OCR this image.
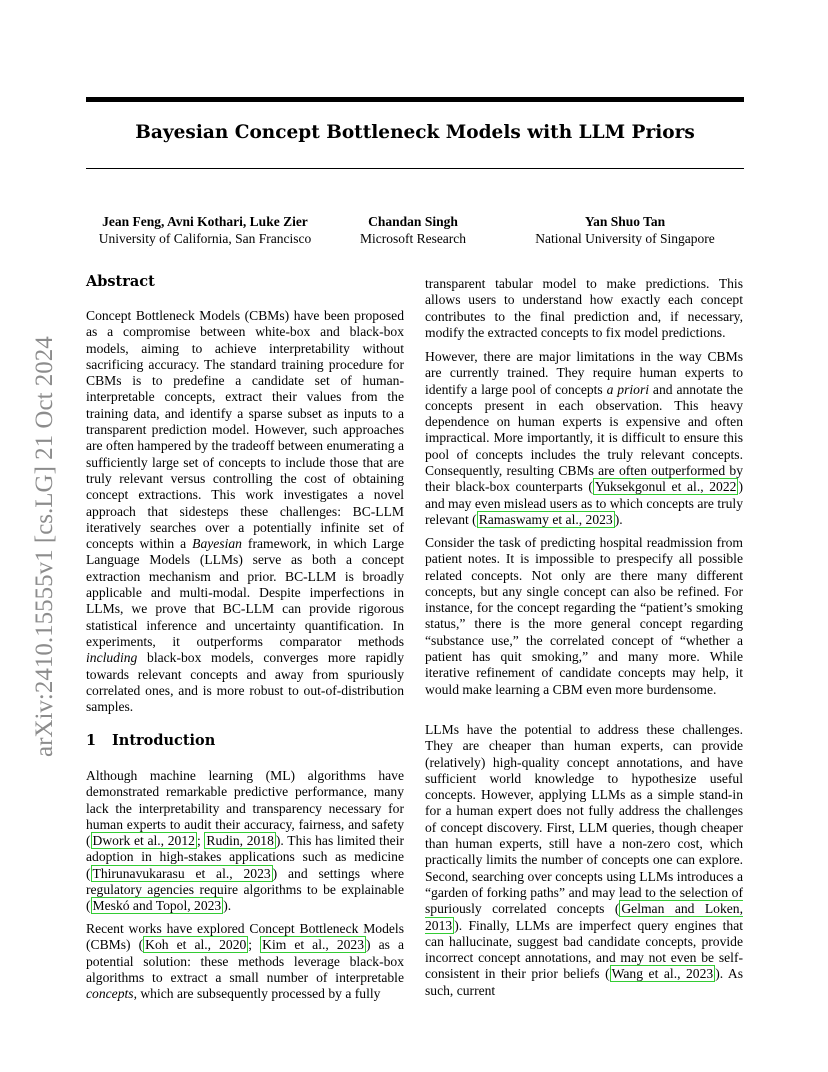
arXiv:2410.15555v1 [cs.LG] 21 Oct 2024
Bayesian Concept Bottleneck Models with LLM Priors
Jean Feng, Avni Kothari, Luke Zier
University of California, San Francisco
Chandan Singh
Microsoft Research
Yan Shuo Tan
National University of Singapore
Abstract

Concept Bottleneck Models (CBMs) have been proposed as a compromise between white-box and black-box models, aiming to achieve interpretability without sacrificing accuracy. The standard training procedure for CBMs is to predefine a candidate set of human-interpretable concepts, extract their values from the training data, and identify a sparse subset as inputs to a transparent prediction model. However, such approaches are often hampered by the tradeoff between enumerating a sufficiently large set of concepts to include those that are truly relevant versus controlling the cost of obtaining concept extractions. This work investigates a novel approach that sidesteps these challenges: BC-LLM iteratively searches over a potentially infinite set of concepts within a Bayesian framework, in which Large Language Models (LLMs) serve as both a concept extraction mechanism and prior. BC-LLM is broadly applicable and multi-modal. Despite imperfections in LLMs, we prove that BC-LLM can provide rigorous statistical inference and uncertainty quantification. In experiments, it outperforms comparator methods including black-box models, converges more rapidly towards relevant concepts and away from spuriously correlated ones, and is more robust to out-of-distribution samples.

1 Introduction

Although machine learning (ML) algorithms have demonstrated remarkable predictive performance, many lack the interpretability and transparency necessary for human experts to audit their accuracy, fairness, and safety ( Dwork et al., 2012 ; Rudin, 2018 ). This has limited their adoption in high-stakes applications such as medicine ( Thirunavukarasu et al., 2023 ) and settings where regulatory agencies require algorithms to be explainable ( Meskó and Topol, 2023 ).

Recent works have explored Concept Bottleneck Models (CBMs) ( Koh et al., 2020 ; Kim et al., 2023 ) as a potential solution: these methods leverage black-box algorithms to extract a small number of interpretable concepts, which are subsequently processed by a fully

transparent tabular model to make predictions. This allows users to understand how exactly each concept contributes to the final prediction and, if necessary, modify the extracted concepts to fix model predictions.

However, there are major limitations in the way CBMs are currently trained. They require human experts to identify a large pool of concepts a priori and annotate the concepts present in each observation. This heavy dependence on human experts is expensive and often impractical. More importantly, it is difficult to ensure this pool of concepts includes the truly relevant concepts. Consequently, resulting CBMs are often outperformed by their black-box counterparts ( Yuksekgonul et al., 2022 ) and may even mislead users as to which concepts are truly relevant ( Ramaswamy et al., 2023 ).

Consider the task of predicting hospital readmission from patient notes. It is impossible to prespecify all possible related concepts. Not only are there many different concepts, but any single concept can also be refined. For instance, for the concept regarding the “patient’s smoking status,” there is the more general concept regarding “substance use,” the correlated concept of “whether a patient has quit smoking,” and many more. While iterative refinement of candidate concepts may help, it would make learning a CBM even more burdensome.

LLMs have the potential to address these challenges. They are cheaper than human experts, can provide (relatively) high-quality concept annotations, and have sufficient world knowledge to hypothesize useful concepts. However, applying LLMs as a simple stand-in for a human expert does not fully address the challenges of concept discovery. First, LLM queries, though cheaper than human experts, still have a non-zero cost, which practically limits the number of concepts one can explore. Second, searching over concepts using LLMs introduces a “garden of forking paths” and may lead to the selection of spuriously correlated concepts ( Gelman and Loken, 2013 ). Finally, LLMs are imperfect query engines that can hallucinate, suggest bad candidate concepts, provide incorrect concept annotations, and may not even be self-consistent in their prior beliefs ( Wang et al., 2023 ). As such, current
